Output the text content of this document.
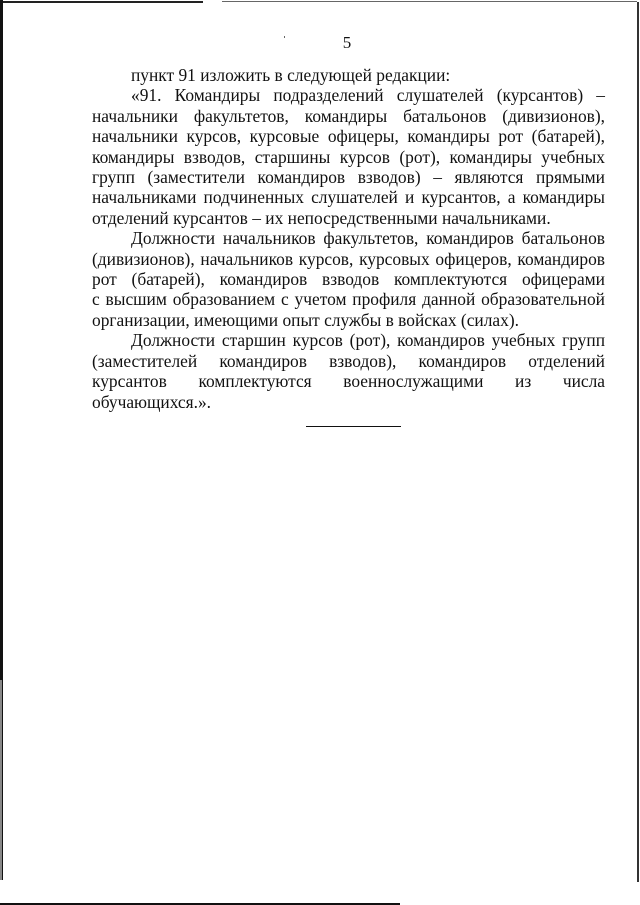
5
пункт 91 изложить в следующей редакции:
«91. Командиры подразделений слушателей (курсантов) –
начальники факультетов, командиры батальонов (дивизионов),
начальники курсов, курсовые офицеры, командиры рот (батарей),
командиры взводов, старшины курсов (рот), командиры учебных
групп (заместители командиров взводов) – являются прямыми
начальниками подчиненных слушателей и курсантов, а командиры
отделений курсантов – их непосредственными начальниками.
Должности начальников факультетов, командиров батальонов
(дивизионов), начальников курсов, курсовых офицеров, командиров
рот (батарей), командиров взводов комплектуются офицерами
с высшим образованием с учетом профиля данной образовательной
организации, имеющими опыт службы в войсках (силах).
Должности старшин курсов (рот), командиров учебных групп
(заместителей командиров взводов), командиров отделений
курсантов комплектуются военнослужащими из числа
обучающихся.».
